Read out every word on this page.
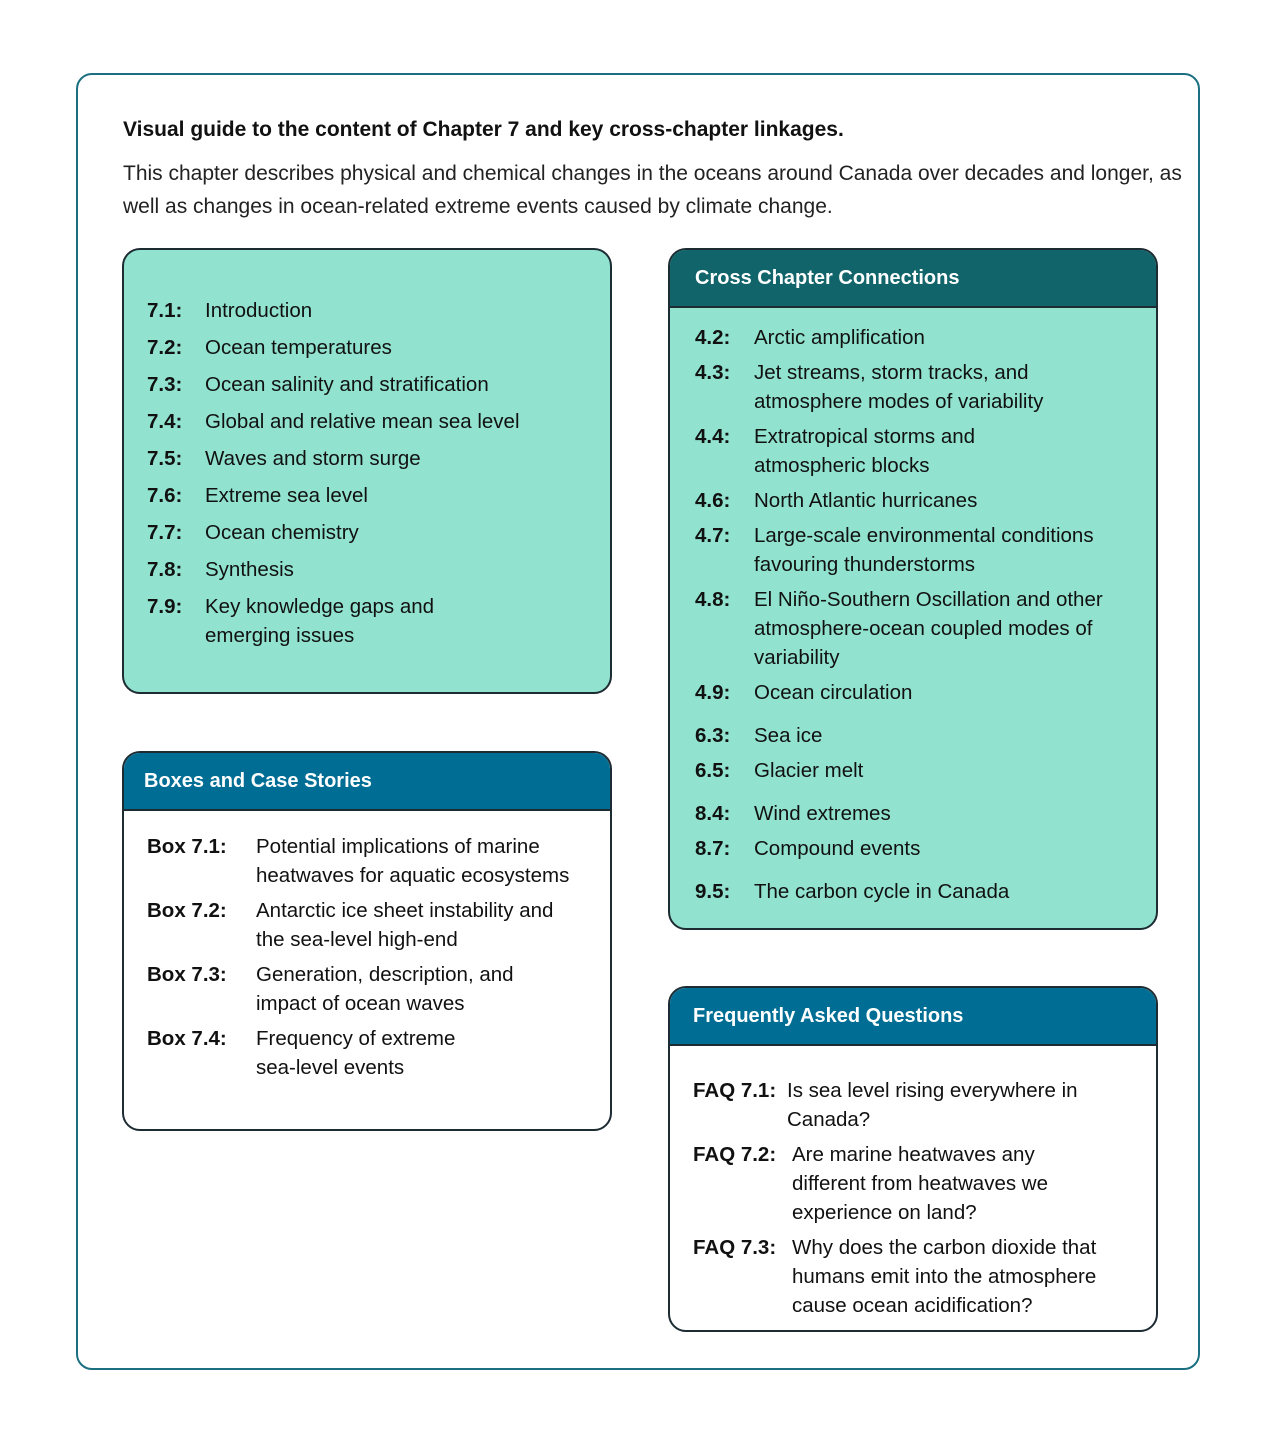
Visual guide to the content of Chapter 7 and key cross-chapter linkages.
This chapter describes physical and chemical changes in the oceans around Canada over decades and longer, as well as changes in ocean-related extreme events caused by climate change.
7.1:	Introduction
7.2:	Ocean temperatures
7.3:	Ocean salinity and stratification
7.4:	Global and relative mean sea level
7.5:	Waves and storm surge
7.6:	Extreme sea level
7.7:	Ocean chemistry
7.8:	Synthesis
7.9:	Key knowledge gaps and emerging issues
Boxes and Case Stories
Box 7.1:	Potential implications of marine heatwaves for aquatic ecosystems
Box 7.2:	Antarctic ice sheet instability and the sea-level high-end
Box 7.3:	Generation, description, and impact of ocean waves
Box 7.4:	Frequency of extreme sea-level events
Cross Chapter Connections
4.2:	Arctic amplification
4.3:	Jet streams, storm tracks, and atmosphere modes of variability
4.4:	Extratropical storms and atmospheric blocks
4.6:	North Atlantic hurricanes
4.7:	Large-scale environmental conditions favouring thunderstorms
4.8:	El Niño-Southern Oscillation and other atmosphere-ocean coupled modes of variability
4.9:	Ocean circulation
6.3:	Sea ice
6.5:	Glacier melt
8.4:	Wind extremes
8.7:	Compound events
9.5:	The carbon cycle in Canada
Frequently Asked Questions
FAQ 7.1: Is sea level rising everywhere in Canada?
FAQ 7.2: Are marine heatwaves any different from heatwaves we experience on land?
FAQ 7.3: Why does the carbon dioxide that humans emit into the atmosphere cause ocean acidification?
